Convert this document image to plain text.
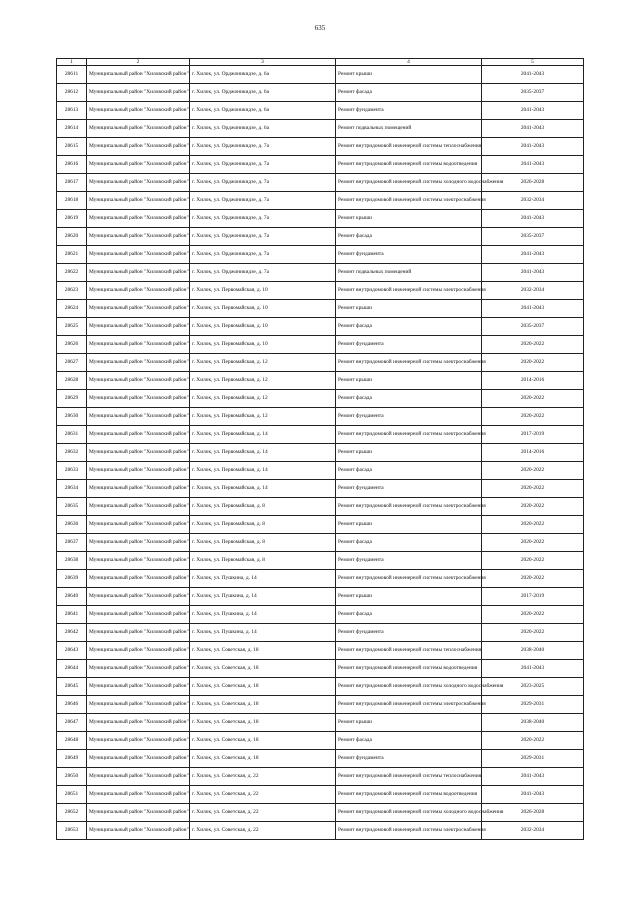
635
1	2	3	4	5
28611	Муниципальный район "Хиловский район"	г. Хилок, ул. Орджоникидзе, д. 6а	Ремонт крыши	2041-2043
28612	Муниципальный район "Хиловский район"	г. Хилок, ул. Орджоникидзе, д. 6а	Ремонт фасада	2035-2037
28613	Муниципальный район "Хиловский район"	г. Хилок, ул. Орджоникидзе, д. 6а	Ремонт фундамента	2041-2043
28614	Муниципальный район "Хиловский район"	г. Хилок, ул. Орджоникидзе, д. 6а	Ремонт подвальных помещений	2041-2043
28615	Муниципальный район "Хиловский район"	г. Хилок, ул. Орджоникидзе, д. 7а	Ремонт внутридомовой инженерной системы теплоснабжения	2041-2043
28616	Муниципальный район "Хиловский район"	г. Хилок, ул. Орджоникидзе, д. 7а	Ремонт внутридомовой инженерной системы водоотведения	2041-2043
28617	Муниципальный район "Хиловский район"	г. Хилок, ул. Орджоникидзе, д. 7а	Ремонт внутридомовой инженерной системы холодного водоснабжения	2026-2028
28618	Муниципальный район "Хиловский район"	г. Хилок, ул. Орджоникидзе, д. 7а	Ремонт внутридомовой инженерной системы электроснабжения	2032-2034
28619	Муниципальный район "Хиловский район"	г. Хилок, ул. Орджоникидзе, д. 7а	Ремонт крыши	2041-2043
28620	Муниципальный район "Хиловский район"	г. Хилок, ул. Орджоникидзе, д. 7а	Ремонт фасада	2035-2037
28621	Муниципальный район "Хиловский район"	г. Хилок, ул. Орджоникидзе, д. 7а	Ремонт фундамента	2041-2043
28622	Муниципальный район "Хиловский район"	г. Хилок, ул. Орджоникидзе, д. 7а	Ремонт подвальных помещений	2041-2043
28623	Муниципальный район "Хиловский район"	г. Хилок, ул. Первомайская, д. 10	Ремонт внутридомовой инженерной системы электроснабжения	2032-2034
28624	Муниципальный район "Хиловский район"	г. Хилок, ул. Первомайская, д. 10	Ремонт крыши	2041-2043
28625	Муниципальный район "Хиловский район"	г. Хилок, ул. Первомайская, д. 10	Ремонт фасада	2035-2037
28626	Муниципальный район "Хиловский район"	г. Хилок, ул. Первомайская, д. 10	Ремонт фундамента	2020-2022
28627	Муниципальный район "Хиловский район"	г. Хилок, ул. Первомайская, д. 12	Ремонт внутридомовой инженерной системы электроснабжения	2020-2022
28628	Муниципальный район "Хиловский район"	г. Хилок, ул. Первомайская, д. 12	Ремонт крыши	2014-2016
28629	Муниципальный район "Хиловский район"	г. Хилок, ул. Первомайская, д. 12	Ремонт фасада	2020-2022
28630	Муниципальный район "Хиловский район"	г. Хилок, ул. Первомайская, д. 12	Ремонт фундамента	2020-2022
28631	Муниципальный район "Хиловский район"	г. Хилок, ул. Первомайская, д. 14	Ремонт внутридомовой инженерной системы электроснабжения	2017-2019
28632	Муниципальный район "Хиловский район"	г. Хилок, ул. Первомайская, д. 14	Ремонт крыши	2014-2016
28633	Муниципальный район "Хиловский район"	г. Хилок, ул. Первомайская, д. 14	Ремонт фасада	2020-2022
28634	Муниципальный район "Хиловский район"	г. Хилок, ул. Первомайская, д. 14	Ремонт фундамента	2020-2022
28635	Муниципальный район "Хиловский район"	г. Хилок, ул. Первомайская, д. 8	Ремонт внутридомовой инженерной системы электроснабжения	2020-2022
28636	Муниципальный район "Хиловский район"	г. Хилок, ул. Первомайская, д. 8	Ремонт крыши	2020-2022
28637	Муниципальный район "Хиловский район"	г. Хилок, ул. Первомайская, д. 8	Ремонт фасада	2020-2022
28638	Муниципальный район "Хиловский район"	г. Хилок, ул. Первомайская, д. 8	Ремонт фундамента	2020-2022
28639	Муниципальный район "Хиловский район"	г. Хилок, ул. Пушкина, д. 14	Ремонт внутридомовой инженерной системы электроснабжения	2020-2022
28640	Муниципальный район "Хиловский район"	г. Хилок, ул. Пушкина, д. 14	Ремонт крыши	2017-2019
28641	Муниципальный район "Хиловский район"	г. Хилок, ул. Пушкина, д. 14	Ремонт фасада	2020-2022
28642	Муниципальный район "Хиловский район"	г. Хилок, ул. Пушкина, д. 14	Ремонт фундамента	2020-2022
28643	Муниципальный район "Хиловский район"	г. Хилок, ул. Советская, д. 18	Ремонт внутридомовой инженерной системы теплоснабжения	2038-2040
28644	Муниципальный район "Хиловский район"	г. Хилок, ул. Советская, д. 18	Ремонт внутридомовой инженерной системы водоотведения	2041-2043
28645	Муниципальный район "Хиловский район"	г. Хилок, ул. Советская, д. 18	Ремонт внутридомовой инженерной системы холодного водоснабжения	2023-2025
28646	Муниципальный район "Хиловский район"	г. Хилок, ул. Советская, д. 18	Ремонт внутридомовой инженерной системы электроснабжения	2029-2031
28647	Муниципальный район "Хиловский район"	г. Хилок, ул. Советская, д. 18	Ремонт крыши	2038-2040
28648	Муниципальный район "Хиловский район"	г. Хилок, ул. Советская, д. 18	Ремонт фасада	2020-2022
28649	Муниципальный район "Хиловский район"	г. Хилок, ул. Советская, д. 18	Ремонт фундамента	2029-2031
28650	Муниципальный район "Хиловский район"	г. Хилок, ул. Советская, д. 22	Ремонт внутридомовой инженерной системы теплоснабжения	2041-2043
28651	Муниципальный район "Хиловский район"	г. Хилок, ул. Советская, д. 22	Ремонт внутридомовой инженерной системы водоотведения	2041-2043
28652	Муниципальный район "Хиловский район"	г. Хилок, ул. Советская, д. 22	Ремонт внутридомовой инженерной системы холодного водоснабжения	2026-2028
28653	Муниципальный район "Хиловский район"	г. Хилок, ул. Советская, д. 22	Ремонт внутридомовой инженерной системы электроснабжения	2032-2034
